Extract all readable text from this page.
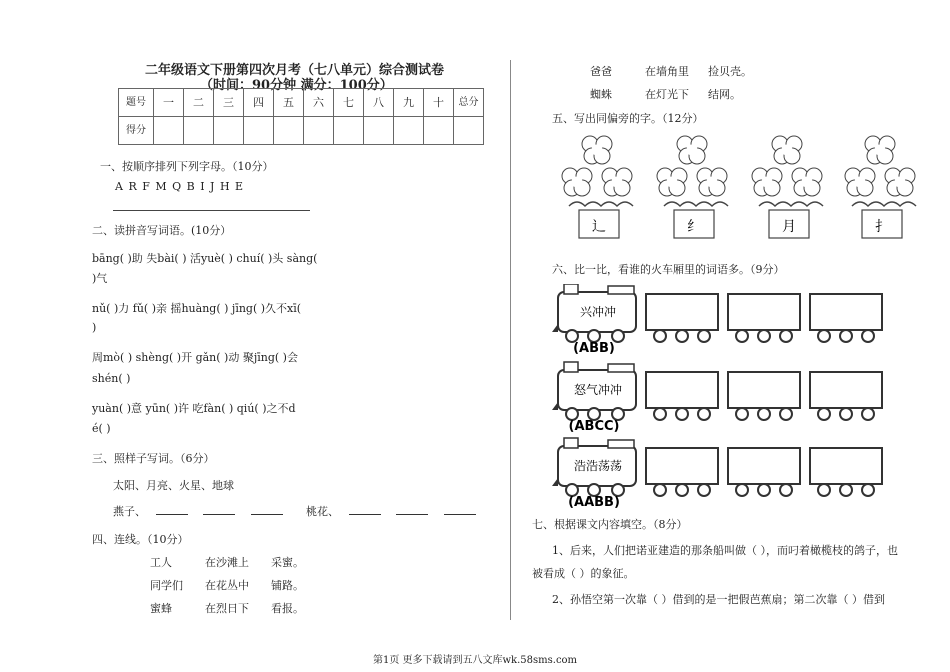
二年级语文下册第四次月考（七八单元）综合测试卷
（时间：90分钟 满分：100分）
题号	一	二	三	四	五	六	七	八	九	十	总分
得分											
一、按顺序排列下列字母。（10分）
A R F M Q B I J H E
二、读拼音写词语。(10分）
bāng( )助 失bài( ) 活yuè( ) chuí( )头 sàng(
)气
nǔ( )力 fǔ( )亲 摇huàng( ) jīng( )久不xī(
)
周mò( ) shèng( )开 gǎn( )动 聚jīng( )会
shén( )
yuàn( )意 yūn( )许 吃fàn( ) qiú( )之不d
é( )
三、照样子写词。（6分）
太阳、月亮、火星、地球
燕子、	桃花、
四、连线。（10分）
工人	在沙滩上 采蜜。
同学们 在花丛中 铺路。
蜜蜂	在烈日下 看报。
爸爸	在墙角里 捡贝壳。
蜘蛛	在灯光下 结网。
五、写出同偏旁的字。（12分）
辶	纟	月	扌
六、比一比，看谁的火车厢里的词语多。（9分）
兴冲冲
(ABB)
怒气冲冲
(ABCC)
浩浩荡荡
(AABB)
七、根据课文内容填空。（8分）
1、后来，人们把诺亚建造的那条船叫做（ ），而叼着橄榄枝的鸽子，也
被看成（ ）的象征。
2、孙悟空第一次靠（ ）借到的是一把假芭蕉扇；第二次靠（ ）借到
第1页 更多下载请到五八文库wk.58sms.com
